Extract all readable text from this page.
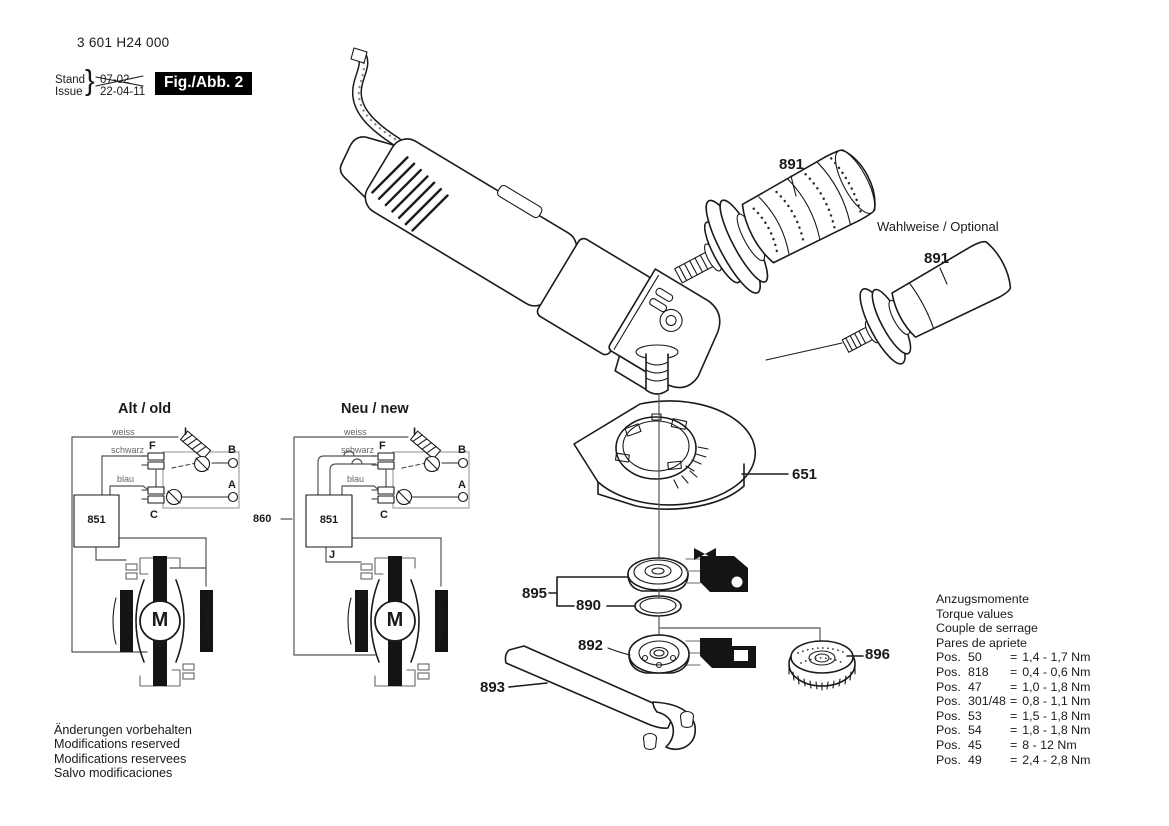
3 601 H24 000
Stand
Issue } 07-02
22-04-11
Fig./Abb. 2
891
Wahlweise / Optional
891
651
895
890
892
896
893
Alt / old
weiss
schwarz
blau
F
I
B
A
C
851
M
Neu / new
weiss
schwarz
blau
F
I
B
A
C
851
860
J
M
Anzugsmomente
Torque values
Couple de serrage
Pares de apriete
Pos. 50	= 1,4 - 1,7 Nm
Pos. 818	= 0,4 - 0,6 Nm
Pos. 47	= 1,0 - 1,8 Nm
Pos. 301/48 = 0,8 - 1,1 Nm
Pos. 53	= 1,5 - 1,8 Nm
Pos. 54	= 1,8 - 1,8 Nm
Pos. 45	= 8 - 12 Nm
Pos. 49	= 2,4 - 2,8 Nm
Änderungen vorbehalten
Modifications reserved
Modifications reservees
Salvo modificaciones
